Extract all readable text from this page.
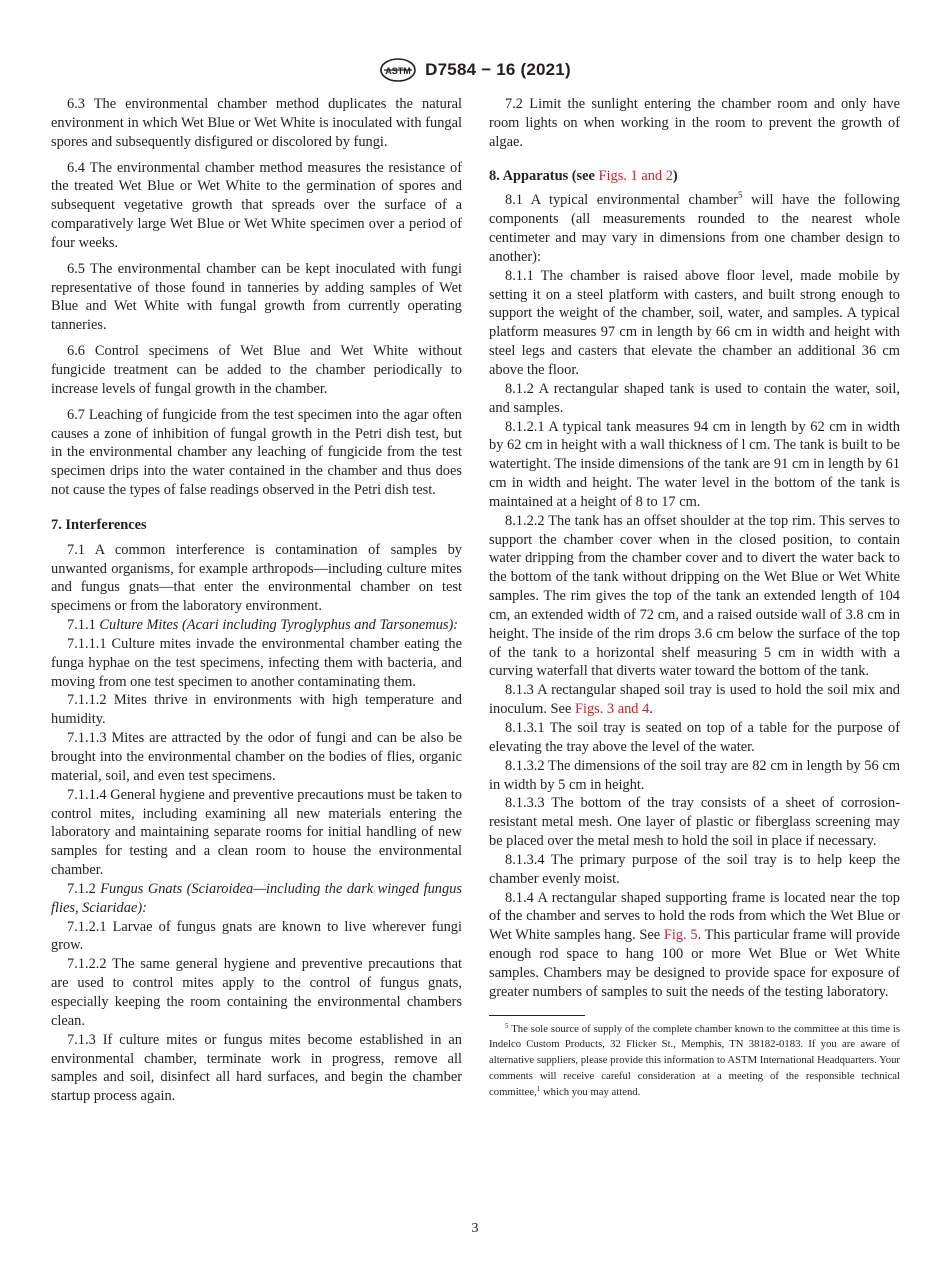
ASTM D7584 − 16 (2021)

6.3 The environmental chamber method duplicates the natural environment in which Wet Blue or Wet White is inoculated with fungal spores and subsequently disfigured or discolored by fungi.

6.4 The environmental chamber method measures the resistance of the treated Wet Blue or Wet White to the germination of spores and subsequent vegetative growth that spreads over the surface of a comparatively large Wet Blue or Wet White specimen over a period of four weeks.

6.5 The environmental chamber can be kept inoculated with fungi representative of those found in tanneries by adding samples of Wet Blue and Wet White with fungal growth from currently operating tanneries.

6.6 Control specimens of Wet Blue and Wet White without fungicide treatment can be added to the chamber periodically to increase levels of fungal growth in the chamber.

6.7 Leaching of fungicide from the test specimen into the agar often causes a zone of inhibition of fungal growth in the Petri dish test, but in the environmental chamber any leaching of fungicide from the test specimen drips into the water contained in the chamber and thus does not cause the types of false readings observed in the Petri dish test.

7. Interferences

7.1 A common interference is contamination of samples by unwanted organisms, for example arthropods—including culture mites and fungus gnats—that enter the environmental chamber on test specimens or from the laboratory environment.

7.1.1 Culture Mites (Acari including Tyroglyphus and Tarsonemus):

7.1.1.1 Culture mites invade the environmental chamber eating the funga hyphae on the test specimens, infecting them with bacteria, and moving from one test specimen to another contaminating them.

7.1.1.2 Mites thrive in environments with high temperature and humidity.

7.1.1.3 Mites are attracted by the odor of fungi and can be also be brought into the environmental chamber on the bodies of flies, organic material, soil, and even test specimens.

7.1.1.4 General hygiene and preventive precautions must be taken to control mites, including examining all new materials entering the laboratory and maintaining separate rooms for initial handling of new samples for testing and a clean room to house the environmental chamber.

7.1.2 Fungus Gnats (Sciaroidea—including the dark winged fungus flies, Sciaridae):

7.1.2.1 Larvae of fungus gnats are known to live wherever fungi grow.

7.1.2.2 The same general hygiene and preventive precautions that are used to control mites apply to the control of fungus gnats, especially keeping the room containing the environmental chambers clean.

7.1.3 If culture mites or fungus mites become established in an environmental chamber, terminate work in progress, remove all samples and soil, disinfect all hard surfaces, and begin the chamber startup process again.

7.2 Limit the sunlight entering the chamber room and only have room lights on when working in the room to prevent the growth of algae.

8. Apparatus (see Figs. 1 and 2)

8.1 A typical environmental chamber$^5$ will have the following components (all measurements rounded to the nearest whole centimeter and may vary in dimensions from one chamber design to another):

8.1.1 The chamber is raised above floor level, made mobile by setting it on a steel platform with casters, and built strong enough to support the weight of the chamber, soil, water, and samples. A typical platform measures 97 cm in length by 66 cm in width and height with steel legs and casters that elevate the chamber an additional 36 cm above the floor.

8.1.2 A rectangular shaped tank is used to contain the water, soil, and samples.

8.1.2.1 A typical tank measures 94 cm in length by 62 cm in width by 62 cm in height with a wall thickness of l cm. The tank is built to be watertight. The inside dimensions of the tank are 91 cm in length by 61 cm in width and height. The water level in the bottom of the tank is maintained at a height of 8 to 17 cm.

8.1.2.2 The tank has an offset shoulder at the top rim. This serves to support the chamber cover when in the closed position, to contain water dripping from the chamber cover and to divert the water back to the bottom of the tank without dripping on the Wet Blue or Wet White samples. The rim gives the top of the tank an extended length of 104 cm, an extended width of 72 cm, and a raised outside wall of 3.8 cm in height. The inside of the rim drops 3.6 cm below the surface of the top of the tank to a horizontal shelf measuring 5 cm in width with a curving waterfall that diverts water toward the bottom of the tank.

8.1.3 A rectangular shaped soil tray is used to hold the soil mix and inoculum. See Figs. 3 and 4.

8.1.3.1 The soil tray is seated on top of a table for the purpose of elevating the tray above the level of the water.

8.1.3.2 The dimensions of the soil tray are 82 cm in length by 56 cm in width by 5 cm in height.

8.1.3.3 The bottom of the tray consists of a sheet of corrosion-resistant metal mesh. One layer of plastic or fiberglass screening may be placed over the metal mesh to hold the soil in place if necessary.

8.1.3.4 The primary purpose of the soil tray is to help keep the chamber evenly moist.

8.1.4 A rectangular shaped supporting frame is located near the top of the chamber and serves to hold the rods from which the Wet Blue or Wet White samples hang. See Fig. 5. This particular frame will provide enough rod space to hang 100 or more Wet Blue or Wet White samples. Chambers may be designed to provide space for exposure of greater numbers of samples to suit the needs of the testing laboratory.

$^5$ The sole source of supply of the complete chamber known to the committee at this time is Indelco Custom Products, 32 Flicker St., Memphis, TN 38182-0183. If you are aware of alternative suppliers, please provide this information to ASTM International Headquarters. Your comments will receive careful consideration at a meeting of the responsible technical committee,$^1$ which you may attend.

3
